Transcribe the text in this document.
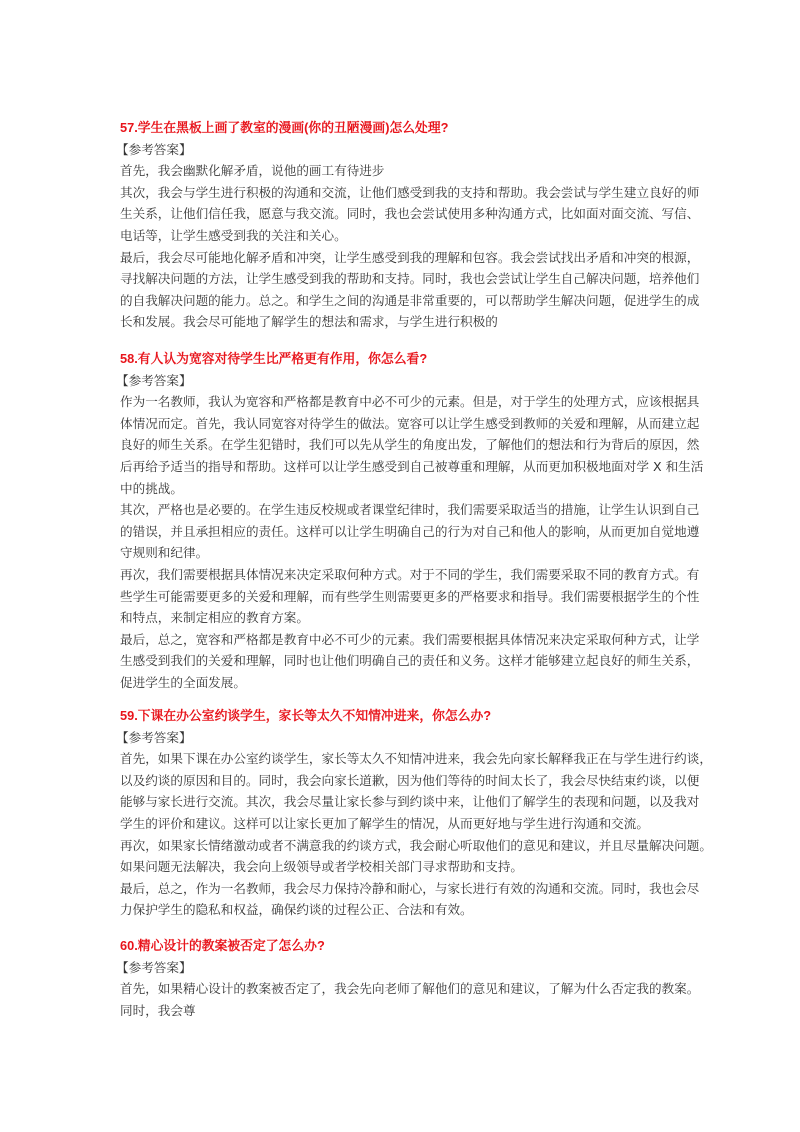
57.学生在黑板上画了教室的漫画(你的丑陋漫画)怎么处理?
【参考答案】
首先，我会幽默化解矛盾，说他的画工有待进步
其次，我会与学生进行积极的沟通和交流，让他们感受到我的支持和帮助。我会尝试与学生建立良好的师
生关系，让他们信任我，愿意与我交流。同时，我也会尝试使用多种沟通方式，比如面对面交流、写信、
电话等，让学生感受到我的关注和关心。
最后，我会尽可能地化解矛盾和冲突，让学生感受到我的理解和包容。我会尝试找出矛盾和冲突的根源，
寻找解决问题的方法，让学生感受到我的帮助和支持。同时，我也会尝试让学生自己解决问题，培养他们
的自我解决问题的能力。总之。和学生之间的沟通是非常重要的，可以帮助学生解决问题，促进学生的成
长和发展。我会尽可能地了解学生的想法和需求，与学生进行积极的
58.有人认为宽容对待学生比严格更有作用，你怎么看?
【参考答案】
作为一名教师，我认为宽容和严格都是教育中必不可少的元素。但是，对于学生的处理方式，应该根据具
体情况而定。首先，我认同宽容对待学生的做法。宽容可以让学生感受到教师的关爱和理解，从而建立起
良好的师生关系。在学生犯错时，我们可以先从学生的角度出发，了解他们的想法和行为背后的原因，然
后再给予适当的指导和帮助。这样可以让学生感受到自己被尊重和理解，从而更加积极地面对学 X 和生活
中的挑战。
其次，严格也是必要的。在学生违反校规或者课堂纪律时，我们需要采取适当的措施，让学生认识到自己
的错误，并且承担相应的责任。这样可以让学生明确自己的行为对自己和他人的影响，从而更加自觉地遵
守规则和纪律。
再次，我们需要根据具体情况来决定采取何种方式。对于不同的学生，我们需要采取不同的教育方式。有
些学生可能需要更多的关爱和理解，而有些学生则需要更多的严格要求和指导。我们需要根据学生的个性
和特点，来制定相应的教育方案。
最后，总之，宽容和严格都是教育中必不可少的元素。我们需要根据具体情况来决定采取何种方式，让学
生感受到我们的关爱和理解，同时也让他们明确自己的责任和义务。这样才能够建立起良好的师生关系，
促进学生的全面发展。
59.下课在办公室约谈学生，家长等太久不知情冲进来，你怎么办?
【参考答案】
首先，如果下课在办公室约谈学生，家长等太久不知情冲进来，我会先向家长解释我正在与学生进行约谈，
以及约谈的原因和目的。同时，我会向家长道歉，因为他们等待的时间太长了，我会尽快结束约谈，以便
能够与家长进行交流。其次，我会尽量让家长参与到约谈中来，让他们了解学生的表现和问题，以及我对
学生的评价和建议。这样可以让家长更加了解学生的情况，从而更好地与学生进行沟通和交流。
再次，如果家长情绪激动或者不满意我的约谈方式，我会耐心听取他们的意见和建议，并且尽量解决问题。
如果问题无法解决，我会向上级领导或者学校相关部门寻求帮助和支持。
最后，总之，作为一名教师，我会尽力保持冷静和耐心，与家长进行有效的沟通和交流。同时，我也会尽
力保护学生的隐私和权益，确保约谈的过程公正、合法和有效。
60.精心设计的教案被否定了怎么办?
【参考答案】
首先，如果精心设计的教案被否定了，我会先向老师了解他们的意见和建议，了解为什么否定我的教案。
同时，我会尊
